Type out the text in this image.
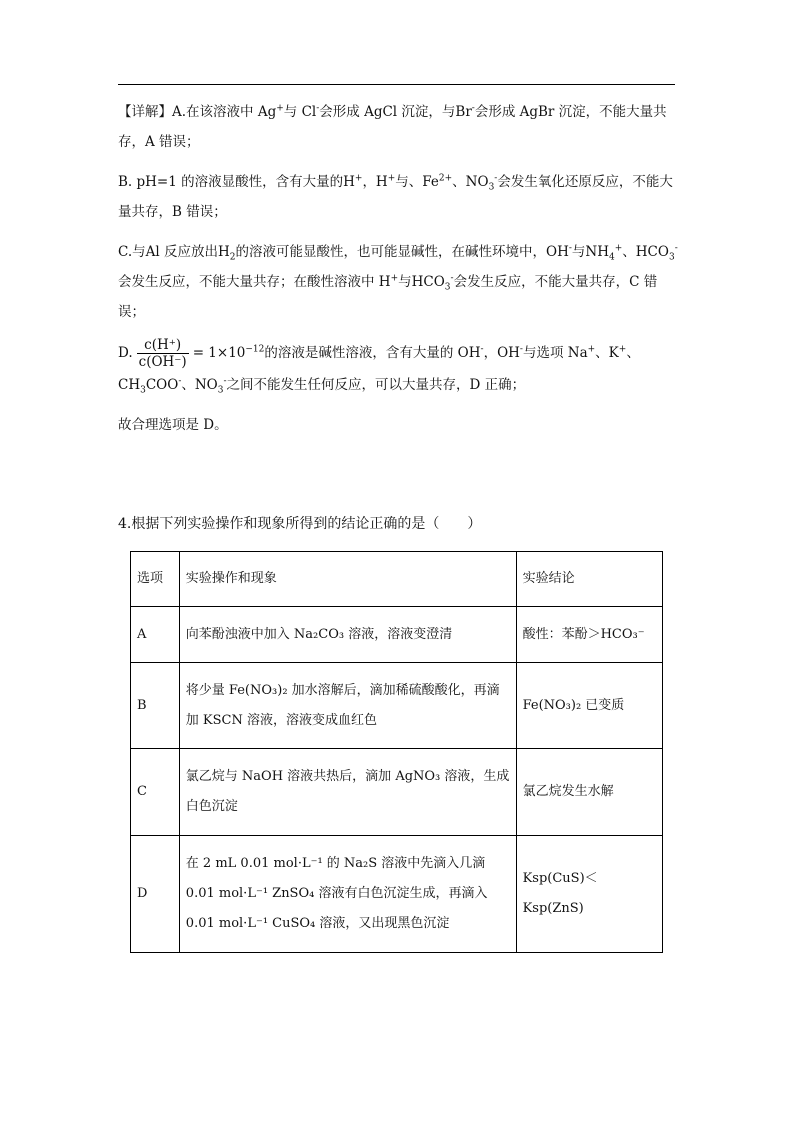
【详解】A.在该溶液中 Ag+与 Cl-会形成 AgCl 沉淀，与Br-会形成 AgBr 沉淀，不能大量共存，A 错误；

B. pH=1 的溶液显酸性，含有大量的H+，H+与、$Fe^{2+}$、$NO_3^-$会发生氧化还原反应，不能大量共存，B 错误；

C.与Al 反应放出$H_2$的溶液可能显酸性，也可能显碱性，在碱性环境中，OH-与$NH_4^+$、$HCO_3^-$会发生反应，不能大量共存；在酸性溶液中 H+与$HCO_3^-$会发生反应，不能大量共存，C 错误；

D. $\frac{c(H^+)}{c(OH^-)} = 1\times 10^{-12}$的溶液是碱性溶液，含有大量的 OH-，OH-与选项 Na+、K+、$CH_3COO^-$、$NO_3^-$之间不能发生任何反应，可以大量共存，D 正确；

故合理选项是 D。

4.根据下列实验操作和现象所得到的结论正确的是（　　）
选项	实验操作和现象	实验结论
A	向苯酚浊液中加入 Na₂CO₃ 溶液，溶液变澄清	酸性：苯酚＞HCO₃⁻
B	将少量 Fe(NO₃)₂ 加水溶解后，滴加稀硫酸酸化，再滴加 KSCN 溶液，溶液变成血红色	Fe(NO₃)₂ 已变质
C	氯乙烷与 NaOH 溶液共热后，滴加 AgNO₃ 溶液，生成白色沉淀	氯乙烷发生水解
D	在 2 mL 0.01 mol·L⁻¹ 的 Na₂S 溶液中先滴入几滴 0.01 mol·L⁻¹ ZnSO₄ 溶液有白色沉淀生成，再滴入 0.01 mol·L⁻¹ CuSO₄ 溶液，又出现黑色沉淀	Ksp(CuS)＜Ksp(ZnS)
